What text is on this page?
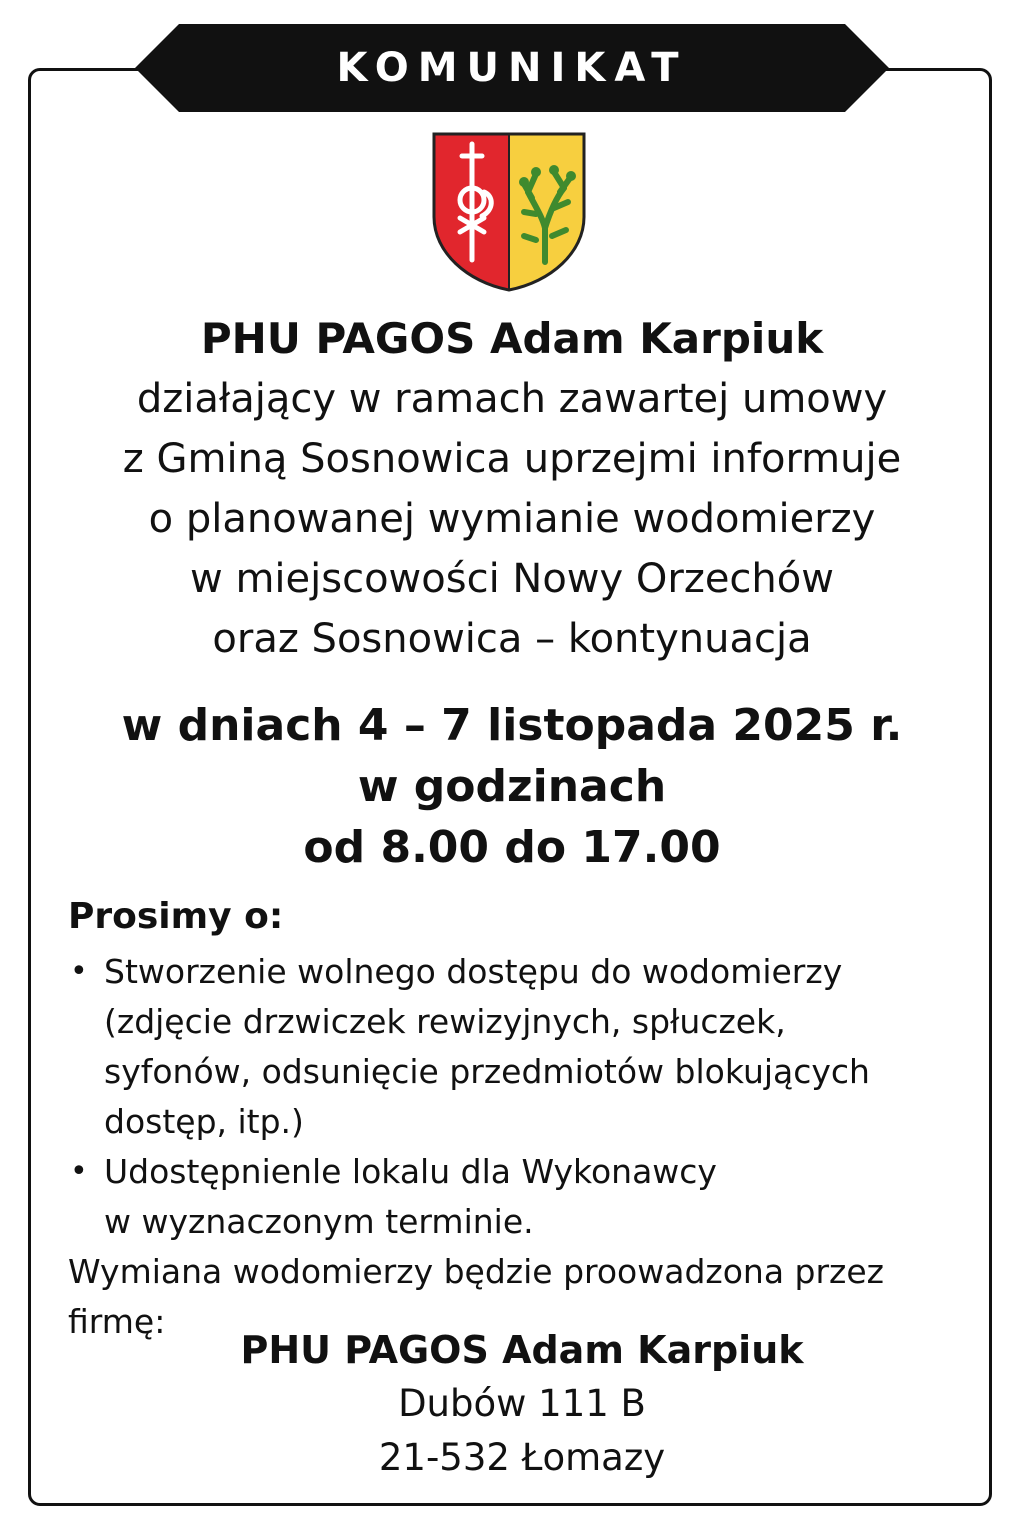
KOMUNIKAT
PHU PAGOS Adam Karpiuk
działający w ramach zawartej umowy
z Gminą Sosnowica uprzejmi informuje
o planowanej wymianie wodomierzy
w miejscowości Nowy Orzechów
oraz Sosnowica – kontynuacja
w dniach 4 – 7 listopada 2025 r.
w godzinach
od 8.00 do 17.00
Prosimy o:
• Stworzenie wolnego dostępu do wodomierzy
(zdjęcie drzwiczek rewizyjnych, spłuczek,
syfonów, odsunięcie przedmiotów blokujących
dostęp, itp.)
• Udostępnienle lokalu dla Wykonawcy
w wyznaczonym terminie.
Wymiana wodomierzy będzie proowadzona przez
firmę:
PHU PAGOS Adam Karpiuk
Dubów 111 B
21-532 Łomazy
